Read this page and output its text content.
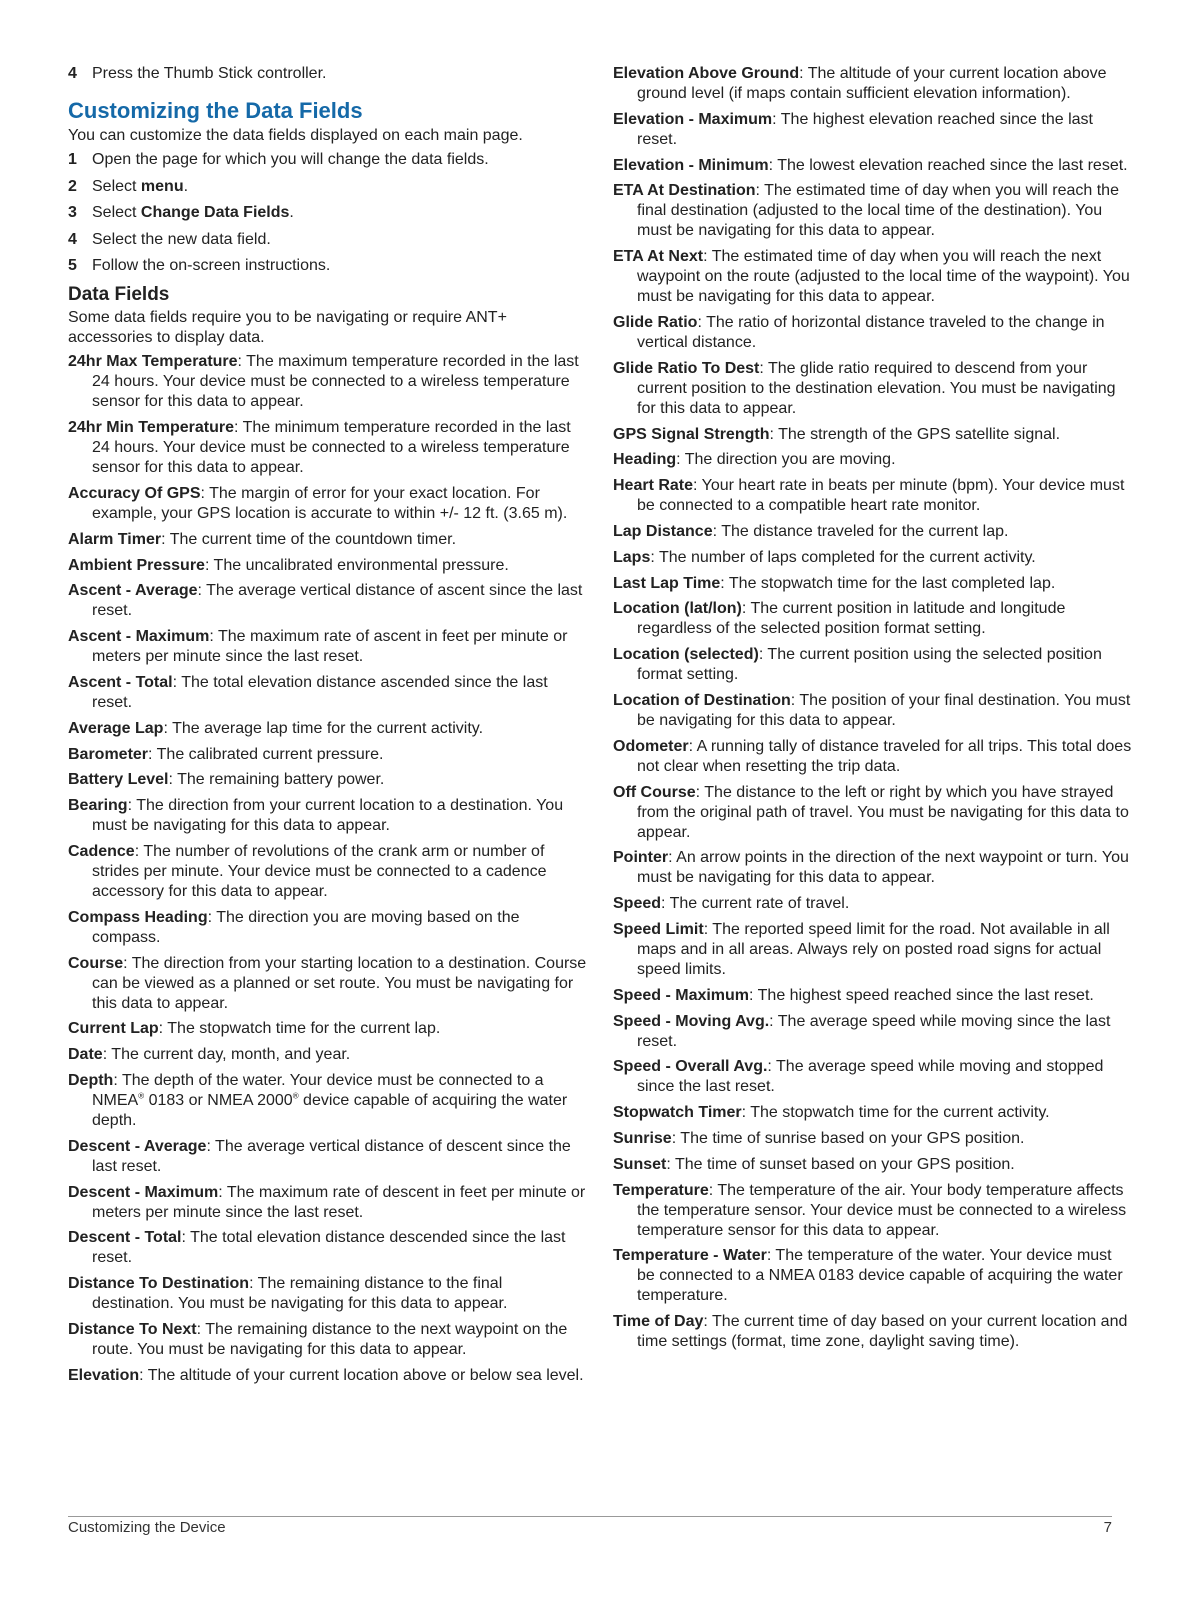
4 Press the Thumb Stick controller.
Customizing the Data Fields
You can customize the data fields displayed on each main page.
1 Open the page for which you will change the data fields.
2 Select menu.
3 Select Change Data Fields.
4 Select the new data field.
5 Follow the on-screen instructions.
Data Fields
Some data fields require you to be navigating or require ANT+ accessories to display data.
24hr Max Temperature : The maximum temperature recorded in the last 24 hours. Your device must be connected to a wireless temperature sensor for this data to appear.
24hr Min Temperature : The minimum temperature recorded in the last 24 hours. Your device must be connected to a wireless temperature sensor for this data to appear.
Accuracy Of GPS : The margin of error for your exact location. For example, your GPS location is accurate to within +/- 12 ft. (3.65 m).
Alarm Timer : The current time of the countdown timer.
Ambient Pressure : The uncalibrated environmental pressure.
Ascent - Average : The average vertical distance of ascent since the last reset.
Ascent - Maximum : The maximum rate of ascent in feet per minute or meters per minute since the last reset.
Ascent - Total : The total elevation distance ascended since the last reset.
Average Lap : The average lap time for the current activity.
Barometer : The calibrated current pressure.
Battery Level : The remaining battery power.
Bearing : The direction from your current location to a destination. You must be navigating for this data to appear.
Cadence : The number of revolutions of the crank arm or number of strides per minute. Your device must be connected to a cadence accessory for this data to appear.
Compass Heading : The direction you are moving based on the compass.
Course : The direction from your starting location to a destination. Course can be viewed as a planned or set route. You must be navigating for this data to appear.
Current Lap : The stopwatch time for the current lap.
Date : The current day, month, and year.
Depth : The depth of the water. Your device must be connected to a NMEA® 0183 or NMEA 2000® device capable of acquiring the water depth.
Descent - Average : The average vertical distance of descent since the last reset.
Descent - Maximum : The maximum rate of descent in feet per minute or meters per minute since the last reset.
Descent - Total : The total elevation distance descended since the last reset.
Distance To Destination : The remaining distance to the final destination. You must be navigating for this data to appear.
Distance To Next : The remaining distance to the next waypoint on the route. You must be navigating for this data to appear.
Elevation : The altitude of your current location above or below sea level.
Elevation Above Ground : The altitude of your current location above ground level (if maps contain sufficient elevation information).
Elevation - Maximum : The highest elevation reached since the last reset.
Elevation - Minimum : The lowest elevation reached since the last reset.
ETA At Destination : The estimated time of day when you will reach the final destination (adjusted to the local time of the destination). You must be navigating for this data to appear.
ETA At Next : The estimated time of day when you will reach the next waypoint on the route (adjusted to the local time of the waypoint). You must be navigating for this data to appear.
Glide Ratio : The ratio of horizontal distance traveled to the change in vertical distance.
Glide Ratio To Dest : The glide ratio required to descend from your current position to the destination elevation. You must be navigating for this data to appear.
GPS Signal Strength : The strength of the GPS satellite signal.
Heading : The direction you are moving.
Heart Rate : Your heart rate in beats per minute (bpm). Your device must be connected to a compatible heart rate monitor.
Lap Distance : The distance traveled for the current lap.
Laps : The number of laps completed for the current activity.
Last Lap Time : The stopwatch time for the last completed lap.
Location (lat/lon) : The current position in latitude and longitude regardless of the selected position format setting.
Location (selected) : The current position using the selected position format setting.
Location of Destination : The position of your final destination. You must be navigating for this data to appear.
Odometer : A running tally of distance traveled for all trips. This total does not clear when resetting the trip data.
Off Course : The distance to the left or right by which you have strayed from the original path of travel. You must be navigating for this data to appear.
Pointer : An arrow points in the direction of the next waypoint or turn. You must be navigating for this data to appear.
Speed : The current rate of travel.
Speed Limit : The reported speed limit for the road. Not available in all maps and in all areas. Always rely on posted road signs for actual speed limits.
Speed - Maximum : The highest speed reached since the last reset.
Speed - Moving Avg. : The average speed while moving since the last reset.
Speed - Overall Avg. : The average speed while moving and stopped since the last reset.
Stopwatch Timer : The stopwatch time for the current activity.
Sunrise : The time of sunrise based on your GPS position.
Sunset : The time of sunset based on your GPS position.
Temperature : The temperature of the air. Your body temperature affects the temperature sensor. Your device must be connected to a wireless temperature sensor for this data to appear.
Temperature - Water : The temperature of the water. Your device must be connected to a NMEA 0183 device capable of acquiring the water temperature.
Time of Day : The current time of day based on your current location and time settings (format, time zone, daylight saving time).
Customizing the Device	7
